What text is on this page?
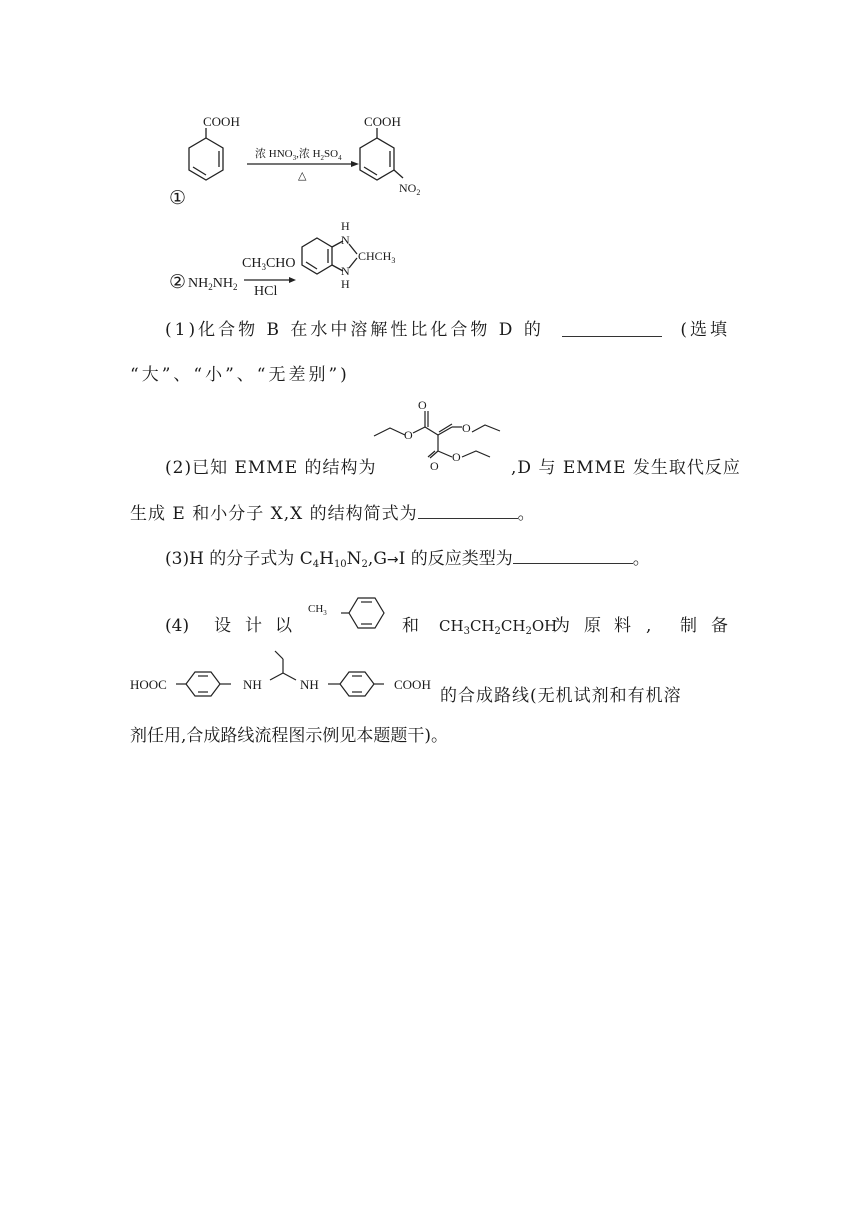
COOH
①
浓 $HNO_3$,浓 $H_2SO_4$
△
COOH
$NO_2$
② $NH_2NH_2$
$CH_3CHO$
HCl
H
N
N
H
$CHCH_3$
(1)化合物 B 在水中溶解性比化合物 D 的	(选填
“大”、“小”、“无差别”)
O
O	O
O
O
(2)已知 EMME 的结构为	,D 与 EMME 发生取代反应
生成 E 和小分子 X,X 的结构简式为	。
(3)H 的分子式为 $C_4H_{10}N_2,G\to I$ 的反应类型为	。
(4) 设 计 以
$CH_3$
和 $CH_3CH_2CH_2OH$
为 原 料 , 制 备
HOOC	NH	NH	COOH
的合成路线(无机试剂和有机溶
剂任用,合成路线流程图示例见本题题干)。
